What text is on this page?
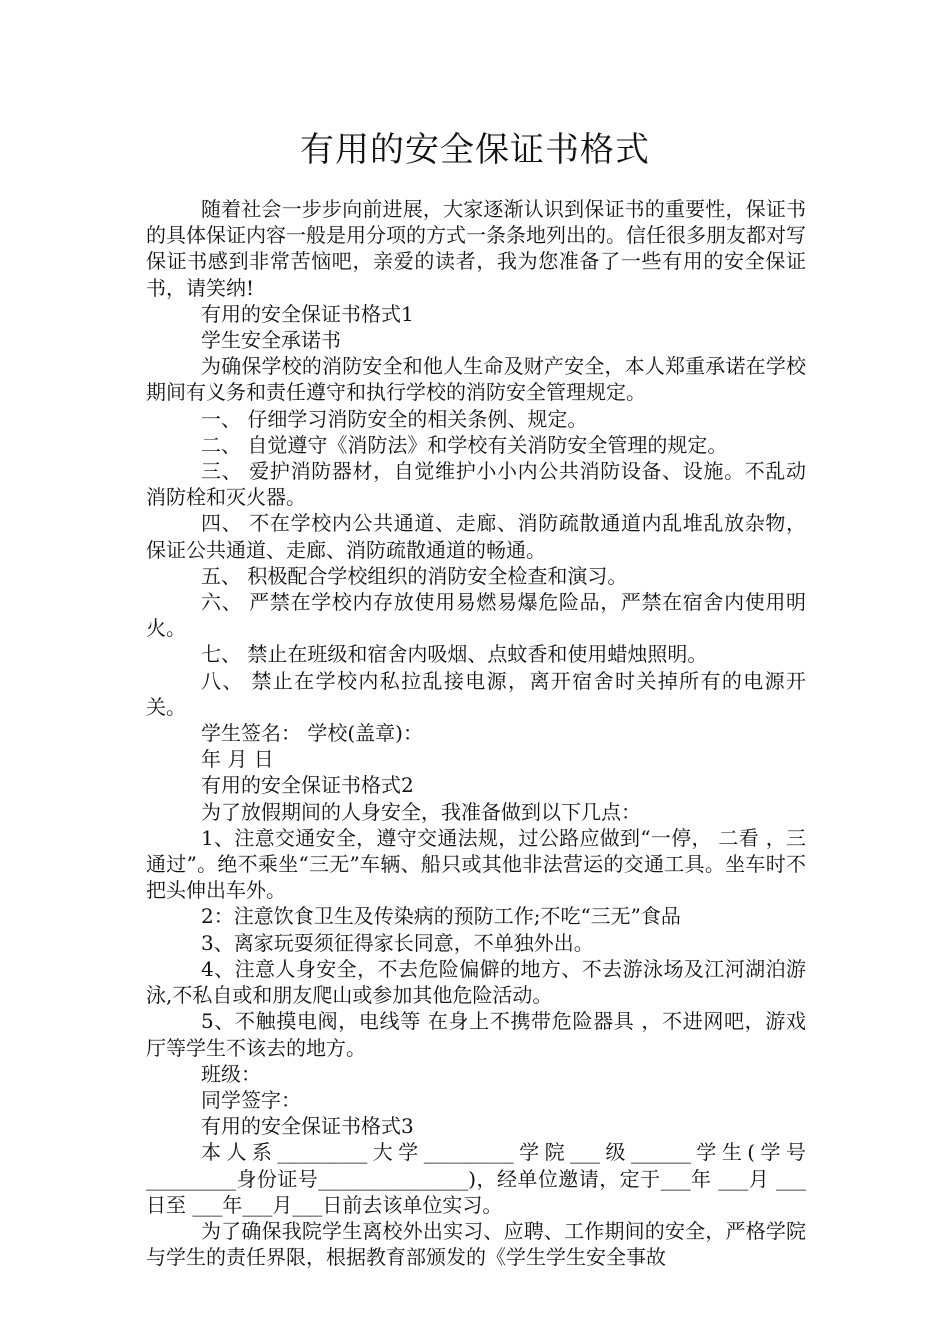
有用的安全保证书格式

随着社会一步步向前进展，大家逐渐认识到保证书的重要性，保证书的具体保证内容一般是用分项的方式一条条地列出的。信任很多朋友都对写保证书感到非常苦恼吧，亲爱的读者，我为您准备了一些有用的安全保证书，请笑纳!

有用的安全保证书格式1

学生安全承诺书

为确保学校的消防安全和他人生命及财产安全，本人郑重承诺在学校期间有义务和责任遵守和执行学校的消防安全管理规定。

一、 仔细学习消防安全的相关条例、规定。

二、 自觉遵守《消防法》和学校有关消防安全管理的规定。

三、 爱护消防器材，自觉维护小小内公共消防设备、设施。不乱动消防栓和灭火器。

四、 不在学校内公共通道、走廊、消防疏散通道内乱堆乱放杂物，保证公共通道、走廊、消防疏散通道的畅通。

五、 积极配合学校组织的消防安全检查和演习。

六、 严禁在学校内存放使用易燃易爆危险品，严禁在宿舍内使用明火。

七、 禁止在班级和宿舍内吸烟、点蚊香和使用蜡烛照明。

八、 禁止在学校内私拉乱接电源，离开宿舍时关掉所有的电源开关。

学生签名： 学校(盖章)：

年 月 日

有用的安全保证书格式2

为了放假期间的人身安全，我准备做到以下几点：

1、注意交通安全，遵守交通法规，过公路应做到“一停， 二看 ，三通过”。绝不乘坐“三无”车辆、船只或其他非法营运的交通工具。坐车时不把头伸出车外。

2：注意饮食卫生及传染病的预防工作;不吃“三无”食品

3、离家玩耍须征得家长同意，不单独外出。

4、注意人身安全，不去危险偏僻的地方、不去游泳场及江河湖泊游泳,不私自或和朋友爬山或参加其他危险活动。

5、不触摸电阀，电线等 在身上不携带危险器具 ，不进网吧，游戏厅等学生不该去的地方。

班级：

同学签字：

有用的安全保证书格式3

本人系_________大学_________学院___级______学生(学号_________身份证号_______________)，经单位邀请，定于___年 ___月 ___ 日至 ___年___月___日前去该单位实习。

为了确保我院学生离校外出实习、应聘、工作期间的安全，严格学院与学生的责任界限，根据教育部颁发的《学生学生安全事故
